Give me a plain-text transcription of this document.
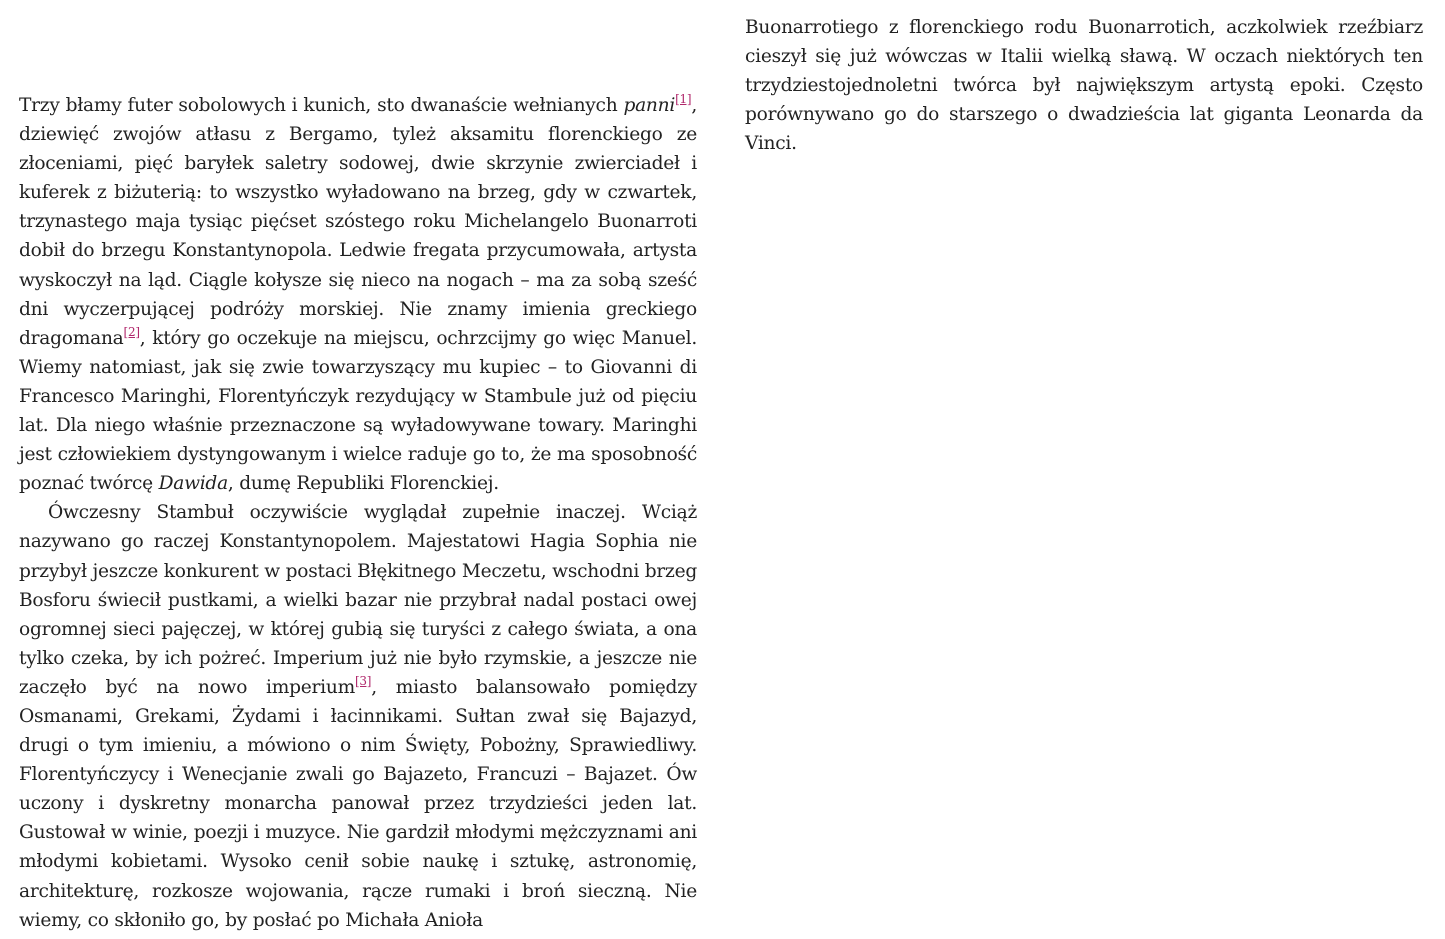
Trzy błamy futer sobolowych i kunich, sto dwanaście wełnianych panni[1], dziewięć zwojów atłasu z Bergamo, tyleż aksamitu florenckiego ze złoceniami, pięć baryłek saletry sodowej, dwie skrzynie zwierciadeł i kuferek z biżuterią: to wszystko wyładowano na brzeg, gdy w czwartek, trzynastego maja tysiąc pięćset szóstego roku Michelangelo Buonarroti dobił do brzegu Konstantynopola. Ledwie fregata przycumowała, artysta wyskoczył na ląd. Ciągle kołysze się nieco na nogach – ma za sobą sześć dni wyczerpującej podróży morskiej. Nie znamy imienia greckiego dragomana[2], który go oczekuje na miejscu, ochrzcijmy go więc Manuel. Wiemy natomiast, jak się zwie towarzyszący mu kupiec – to Giovanni di Francesco Maringhi, Florentyńczyk rezydujący w Stambule już od pięciu lat. Dla niego właśnie przeznaczone są wyładowywane towary. Maringhi jest człowiekiem dystyngowanym i wielce raduje go to, że ma sposobność poznać twórcę Dawida, dumę Republiki Florenckiej.

Ówczesny Stambuł oczywiście wyglądał zupełnie inaczej. Wciąż nazywano go raczej Konstantynopolem. Majestatowi Hagia Sophia nie przybył jeszcze konkurent w postaci Błękitnego Meczetu, wschodni brzeg Bosforu świecił pustkami, a wielki bazar nie przybrał nadal postaci owej ogromnej sieci pajęczej, w której gubią się turyści z całego świata, a ona tylko czeka, by ich pożreć. Imperium już nie było rzymskie, a jeszcze nie zaczęło być na nowo imperium[3], miasto balansowało pomiędzy Osmanami, Grekami, Żydami i łacinnikami. Sułtan zwał się Bajazyd, drugi o tym imieniu, a mówiono o nim Święty, Pobożny, Sprawiedliwy. Florentyńczycy i Wenecjanie zwali go Bajazeto, Francuzi – Bajazet. Ów uczony i dyskretny monarcha panował przez trzydzieści jeden lat. Gustował w winie, poezji i muzyce. Nie gardził młodymi mężczyznami ani młodymi kobietami. Wysoko cenił sobie naukę i sztukę, astronomię, architekturę, rozkosze wojowania, rącze rumaki i broń sieczną. Nie wiemy, co skłoniło go, by posłać po Michała Anioła

Buonarrotiego z florenckiego rodu Buonarrotich, aczkolwiek rzeźbiarz cieszył się już wówczas w Italii wielką sławą. W oczach niektórych ten trzydziestojednoletni twórca był największym artystą epoki. Często porównywano go do starszego o dwadzieścia lat giganta Leonarda da Vinci.
